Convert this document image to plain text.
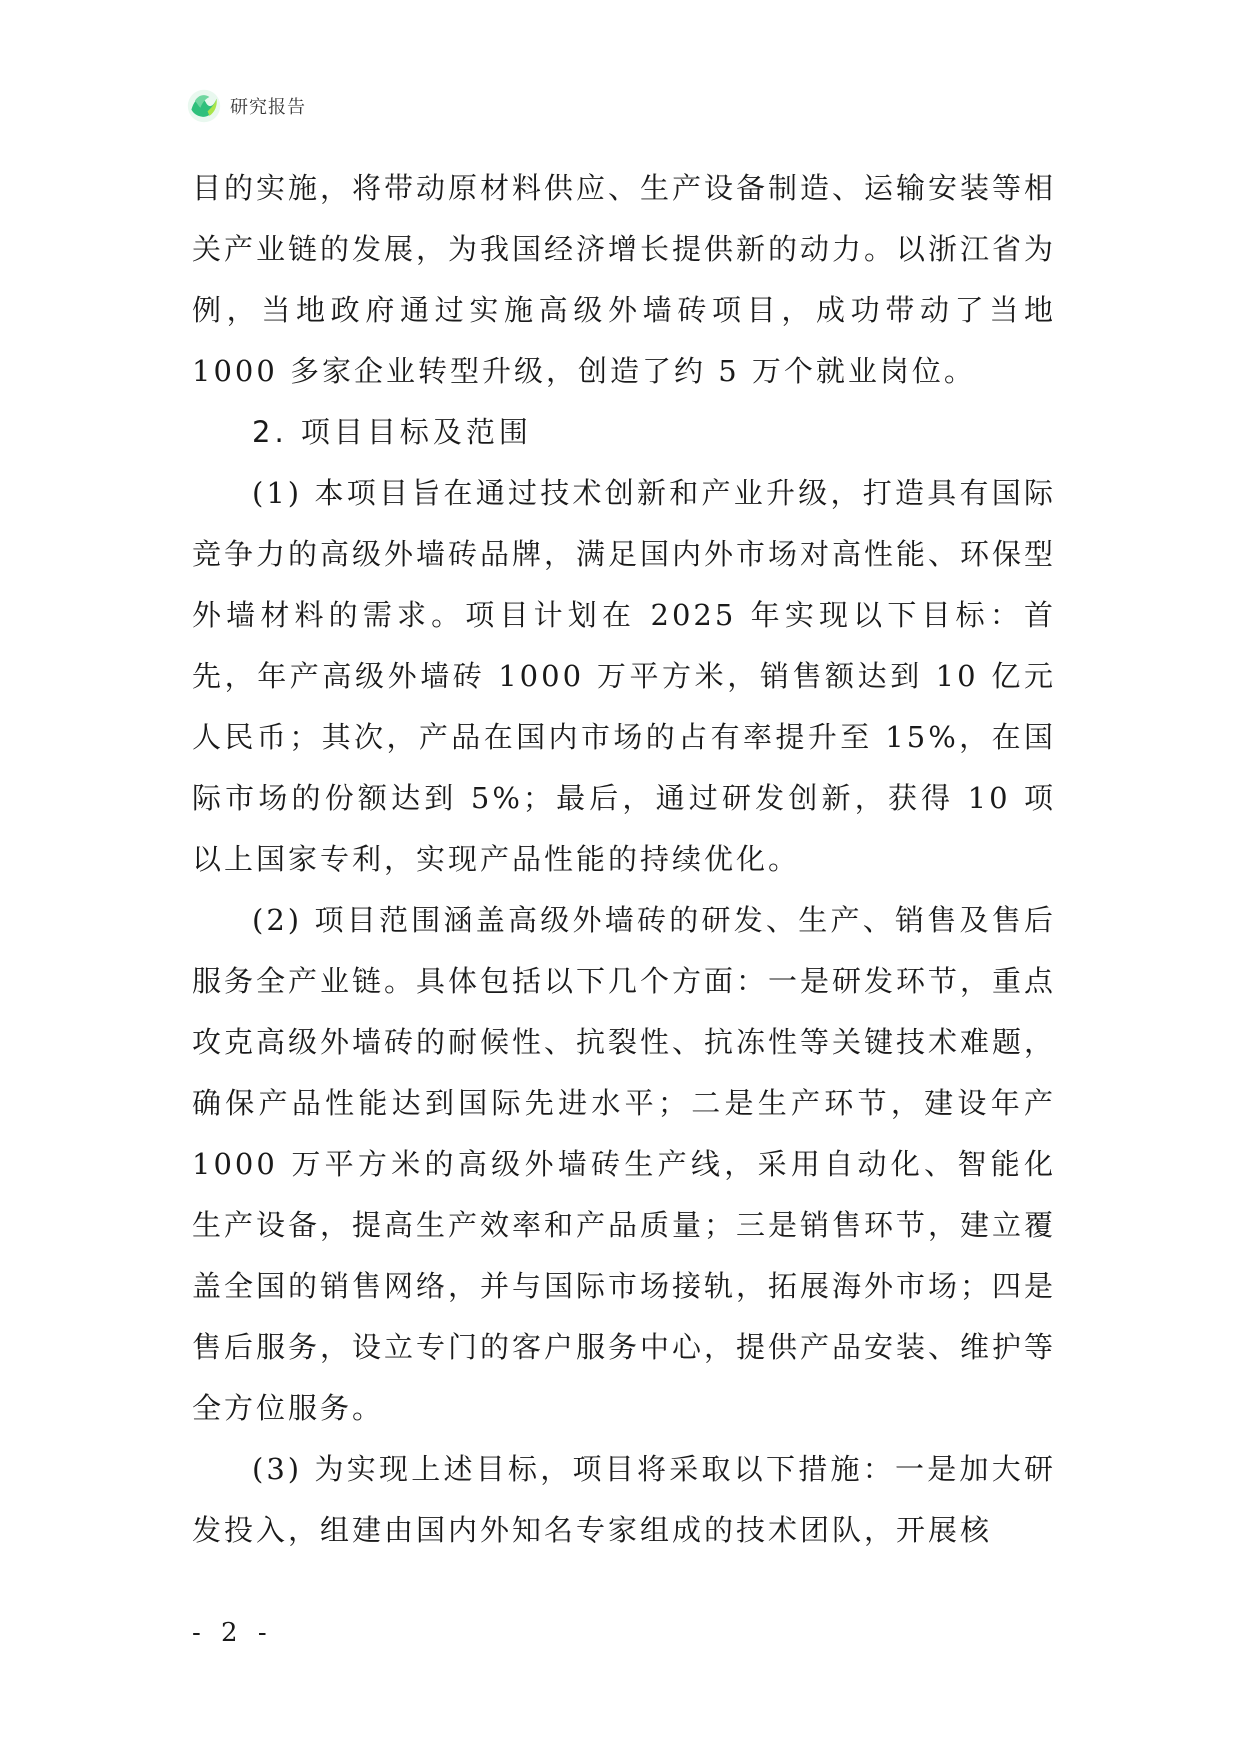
研究报告

目的实施，将带动原材料供应、生产设备制造、运输安装等相关产业链的发展，为我国经济增长提供新的动力。以浙江省为例，当地政府通过实施高级外墙砖项目，成功带动了当地 1000 多家企业转型升级，创造了约 5 万个就业岗位。

2. 项目目标及范围

(1) 本项目旨在通过技术创新和产业升级，打造具有国际竞争力的高级外墙砖品牌，满足国内外市场对高性能、环保型外墙材料的需求。项目计划在 2025 年实现以下目标：首先，年产高级外墙砖 1000 万平方米，销售额达到 10 亿元人民币；其次，产品在国内市场的占有率提升至 15%，在国际市场的份额达到 5%；最后，通过研发创新，获得 10 项以上国家专利，实现产品性能的持续优化。

(2) 项目范围涵盖高级外墙砖的研发、生产、销售及售后服务全产业链。具体包括以下几个方面：一是研发环节，重点攻克高级外墙砖的耐候性、抗裂性、抗冻性等关键技术难题，确保产品性能达到国际先进水平；二是生产环节，建设年产 1000 万平方米的高级外墙砖生产线，采用自动化、智能化生产设备，提高生产效率和产品质量；三是销售环节，建立覆盖全国的销售网络，并与国际市场接轨，拓展海外市场；四是售后服务，设立专门的客户服务中心，提供产品安装、维护等全方位服务。

(3) 为实现上述目标，项目将采取以下措施：一是加大研发投入，组建由国内外知名专家组成的技术团队，开展核

- 2 -
